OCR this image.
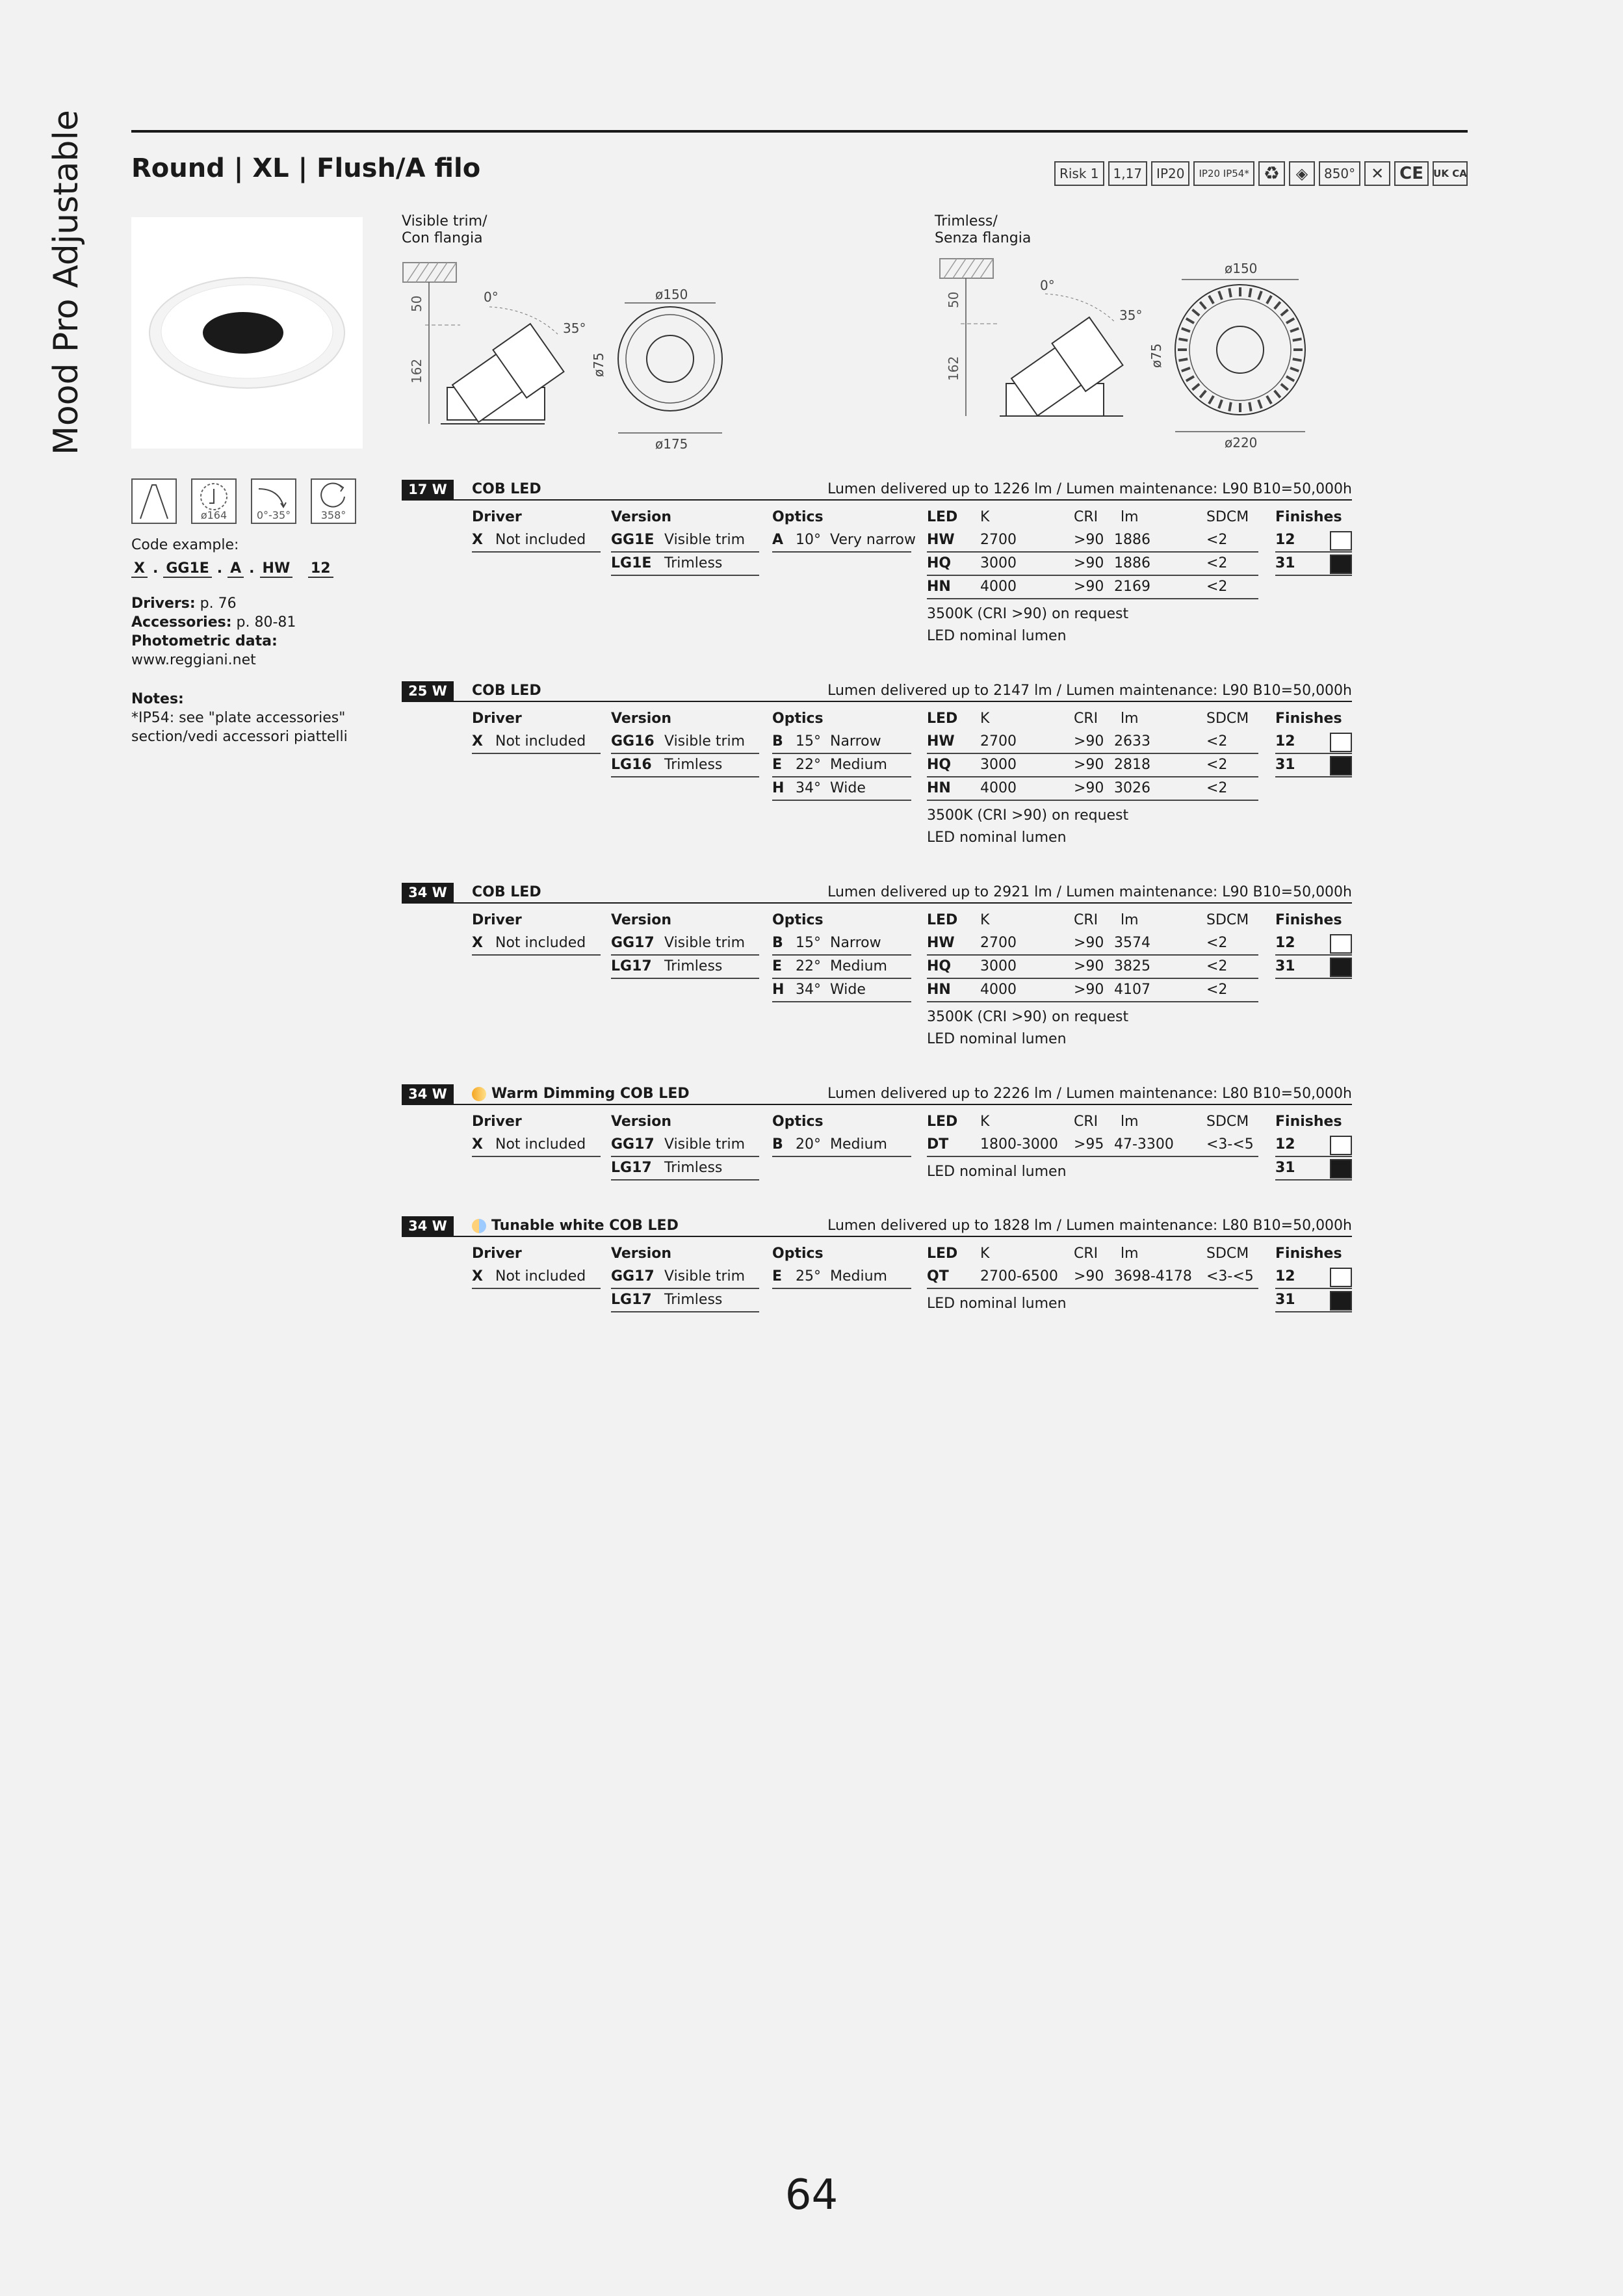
Mood Pro Adjustable Round | XL | Flush/A filo	Risk 1 1,17 IP20 IP20 IP54* ♻	◈	850° ✕ CE UK CA
Visible trim/
Con flangia
50
162
0°
35°
ø150
ø175
ø75
Trimless/
Senza flangia
50
162
0°
35°
ø150
ø220
ø75
ø164	0°-35°	358°
Code example:
X . GG1E . A . HW
12
Drivers: p. 76
Accessories: p. 80-81
Photometric data:
www.reggiani.net
Notes:
*IP54: see "plate accessories"
section/vedi accessori piattelli
17 W	COB LED	Lumen delivered up to 1226 lm / Lumen maintenance: L90 B10=50,000h
Driver
X Not included
Version
GG1E Visible trim
LG1E Trimless
Optics
A 10°  Very narrow
LED K	CRI lm	SDCM
HW 2700	>90 1886	<2
HQ 3000	>90 1886	<2
HN 4000	>90 2169	<2
3500K (CRI >90) on request
LED nominal lumen
Finishes
12
31
25 W	COB LED	Lumen delivered up to 2147 lm / Lumen maintenance: L90 B10=50,000h
Driver
X Not included
Version
GG16 Visible trim
LG16 Trimless
Optics
B 15°  Narrow
E 22°  Medium
H 34°  Wide
LED K	CRI lm	SDCM
HW 2700	>90 2633	<2
HQ 3000	>90 2818	<2
HN 4000	>90 3026	<2
3500K (CRI >90) on request
LED nominal lumen
Finishes
12
31
34 W	COB LED	Lumen delivered up to 2921 lm / Lumen maintenance: L90 B10=50,000h
Driver
X Not included
Version
GG17 Visible trim
LG17 Trimless
Optics
B 15°  Narrow
E 22°  Medium
H 34°  Wide
LED K	CRI lm	SDCM
HW 2700	>90 3574	<2
HQ 3000	>90 3825	<2
HN 4000	>90 4107	<2
3500K (CRI >90) on request
LED nominal lumen
Finishes
12
31
34 W	Warm Dimming COB LED	Lumen delivered up to 2226 lm / Lumen maintenance: L80 B10=50,000h
Driver
X Not included
Version
GG17 Visible trim
LG17 Trimless
Optics
B 20°  Medium
LED K	CRI lm	SDCM
DT 1800-3000 >95 47-3300 <3-<5
LED nominal lumen
Finishes
12
31
34 W	Tunable white COB LED	Lumen delivered up to 1828 lm / Lumen maintenance: L80 B10=50,000h
Driver
X Not included
Version
GG17 Visible trim
LG17 Trimless
Optics
E 25°  Medium
LED K	CRI lm	SDCM
QT 2700-6500 >90 3698-4178 <3-<5
LED nominal lumen
Finishes
12
31
64
